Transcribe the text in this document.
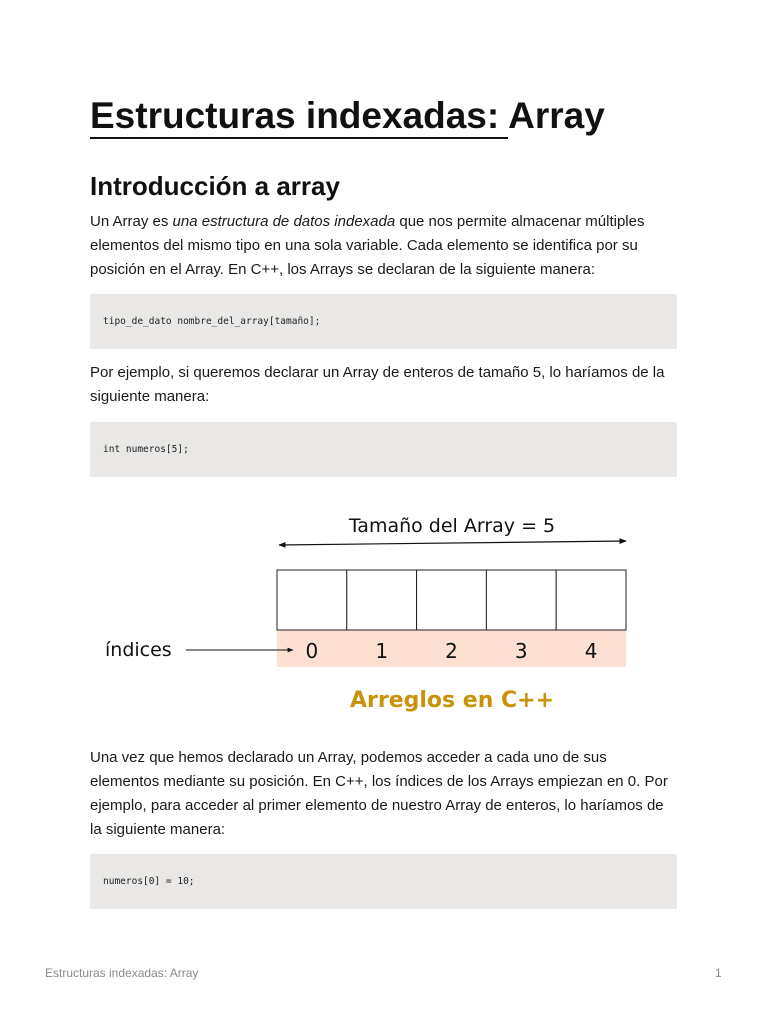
Estructuras indexadas: Array
Introducción a array

Un Array es una estructura de datos indexada que nos permite almacenar múltiples elementos del mismo tipo en una sola variable. Cada elemento se identifica por su posición en el Array. En C++, los Arrays se declaran de la siguiente manera:

tipo_de_dato nombre_del_array[tamaño];

Por ejemplo, si queremos declarar un Array de enteros de tamaño 5, lo haríamos de la siguiente manera:

int numeros[5];

Una vez que hemos declarado un Array, podemos acceder a cada uno de sus elementos mediante su posición. En C++, los índices de los Arrays empiezan en 0. Por ejemplo, para acceder al primer elemento de nuestro Array de enteros, lo haríamos de la siguiente manera:

numeros[0] = 10;
Tamaño del Array = 5
0	1	2	3	4
índices
Arreglos en C++
Estructuras indexadas: Array	1
